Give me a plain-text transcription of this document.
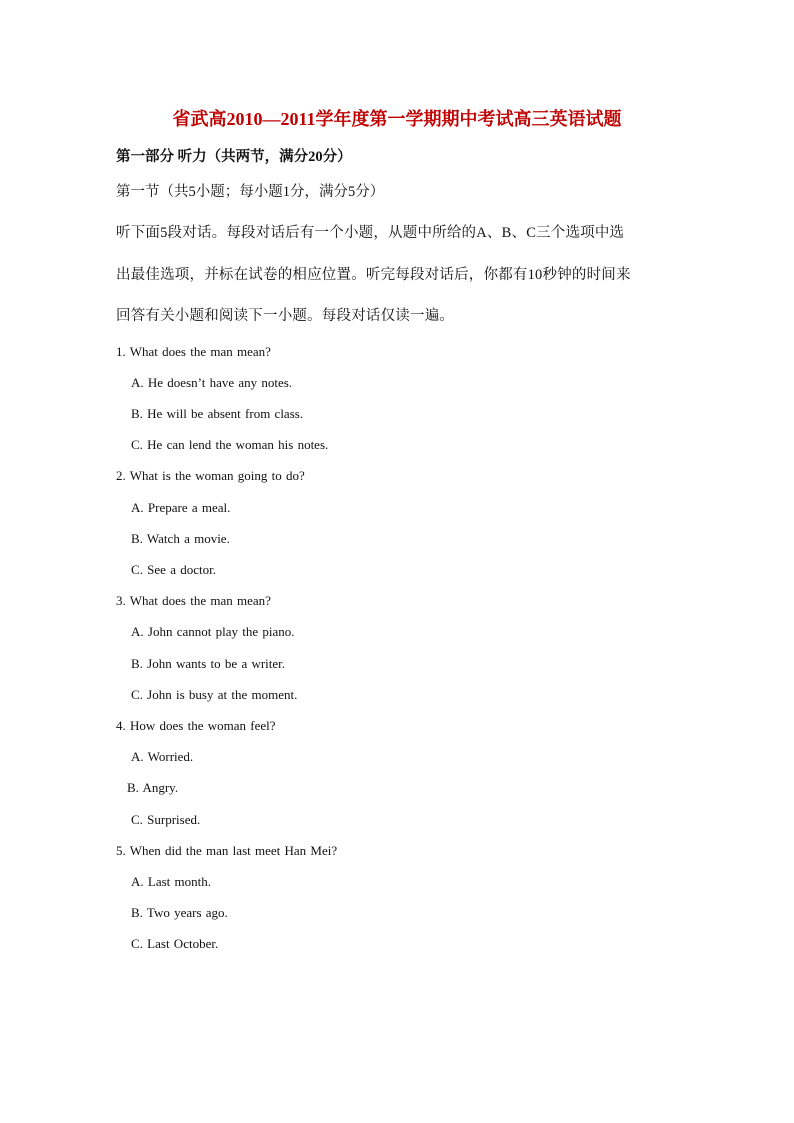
省武高2010—2011学年度第一学期期中考试高三英语试题
第一部分 听力（共两节，满分20分）
第一节（共5小题；每小题1分，满分5分）
听下面5段对话。每段对话后有一个小题，从题中所给的A、B、C三个选项中选
出最佳选项，并标在试卷的相应位置。听完每段对话后，你都有10秒钟的时间来
回答有关小题和阅读下一小题。每段对话仅读一遍。
1. What does the man mean?
A. He doesn’t have any notes.
B. He will be absent from class.
C. He can lend the woman his notes.
2. What is the woman going to do?
A. Prepare a meal.
B. Watch a movie.
C. See a doctor.
3. What does the man mean?
A. John cannot play the piano.
B. John wants to be a writer.
C. John is busy at the moment.
4. How does the woman feel?
A. Worried.
B. Angry.
C. Surprised.
5. When did the man last meet Han Mei?
A. Last month.
B. Two years ago.
C. Last October.
